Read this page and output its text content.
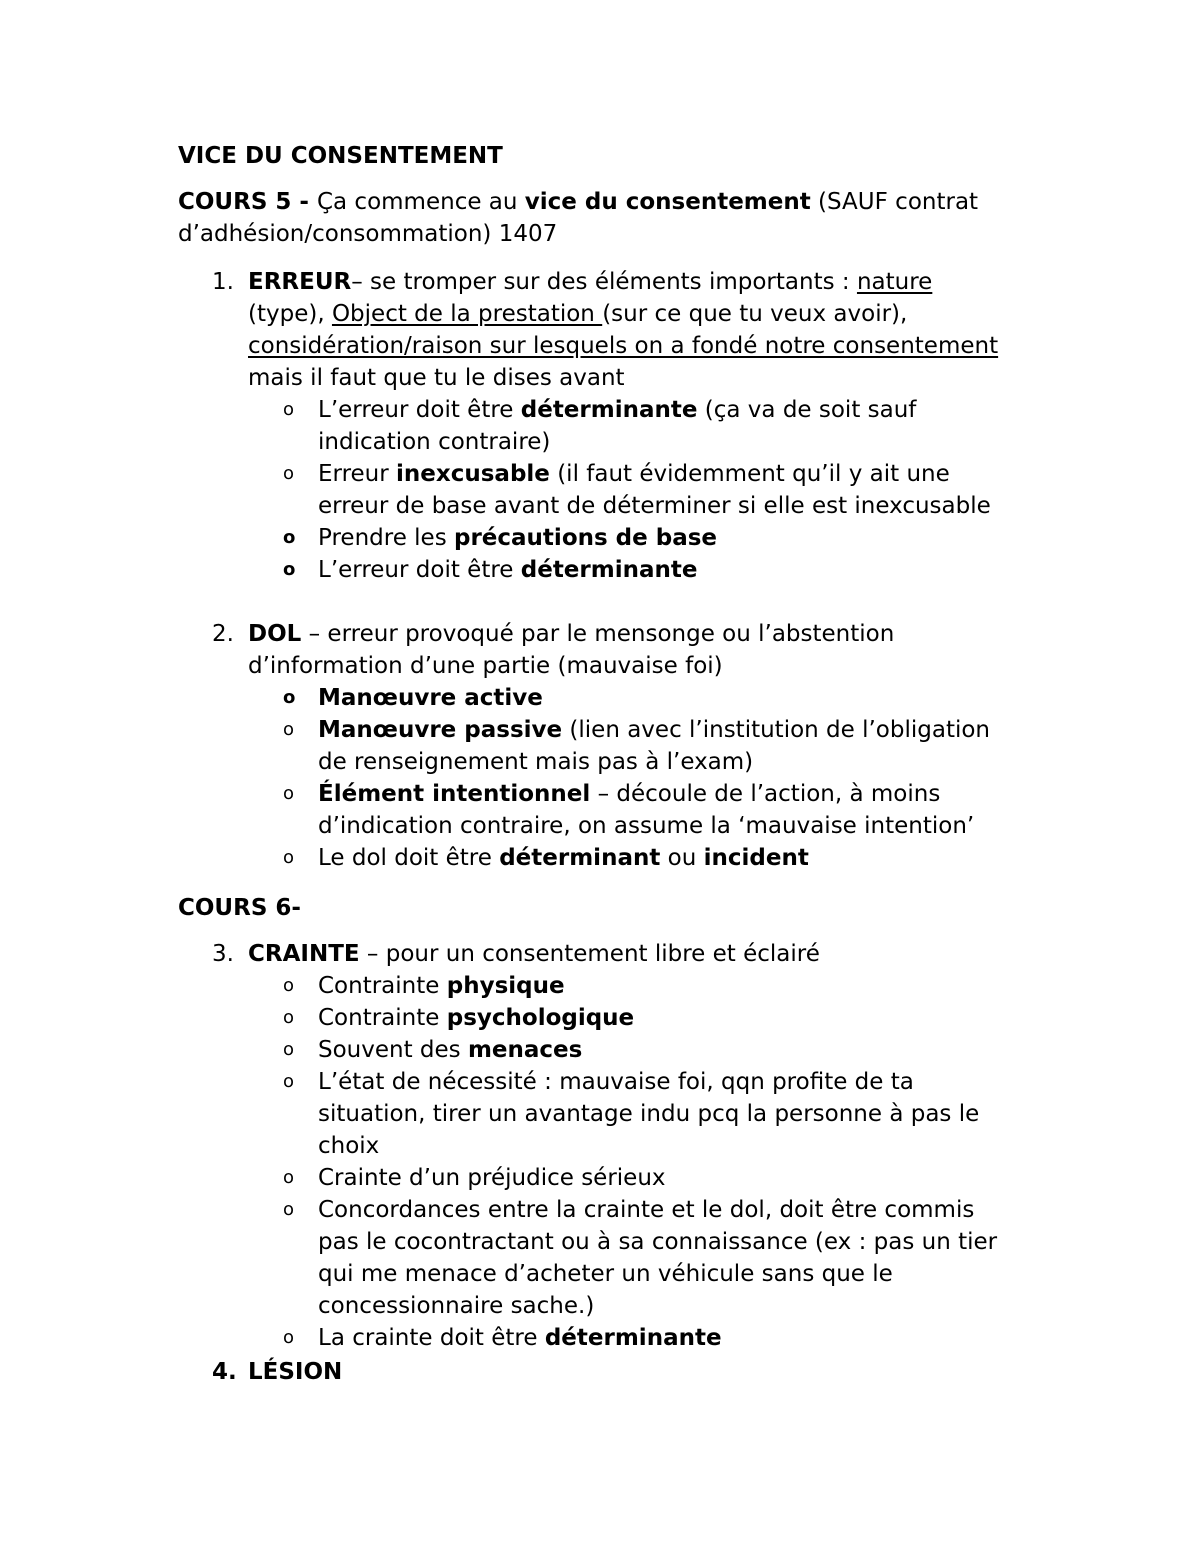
VICE DU CONSENTEMENT
COURS 5 - Ça commence au vice du consentement (SAUF contrat
d’adhésion/consommation) 1407
1. ERREUR– se tromper sur des éléments importants : nature
(type), Object de la prestation (sur ce que tu veux avoir),
considération/raison sur lesquels on a fondé notre consentement
mais il faut que tu le dises avant
o L’erreur doit être déterminante (ça va de soit sauf
indication contraire)
o Erreur inexcusable (il faut évidemment qu’il y ait une
erreur de base avant de déterminer si elle est inexcusable
o Prendre les précautions de base
o L’erreur doit être déterminante
2. DOL – erreur provoqué par le mensonge ou l’abstention
d’information d’une partie (mauvaise foi)
o Manœuvre active
o Manœuvre passive (lien avec l’institution de l’obligation
de renseignement mais pas à l’exam)
o Élément intentionnel – découle de l’action, à moins
d’indication contraire, on assume la ‘mauvaise intention’
o Le dol doit être déterminant ou incident
COURS 6-
3. CRAINTE – pour un consentement libre et éclairé
o Contrainte physique
o Contrainte psychologique
o Souvent des menaces
o L’état de nécessité : mauvaise foi, qqn profite de ta
situation, tirer un avantage indu pcq la personne à pas le
choix
o Crainte d’un préjudice sérieux
o Concordances entre la crainte et le dol, doit être commis
pas le cocontractant ou à sa connaissance (ex : pas un tier
qui me menace d’acheter un véhicule sans que le
concessionnaire sache.)
o La crainte doit être déterminante
4. LÉSION
